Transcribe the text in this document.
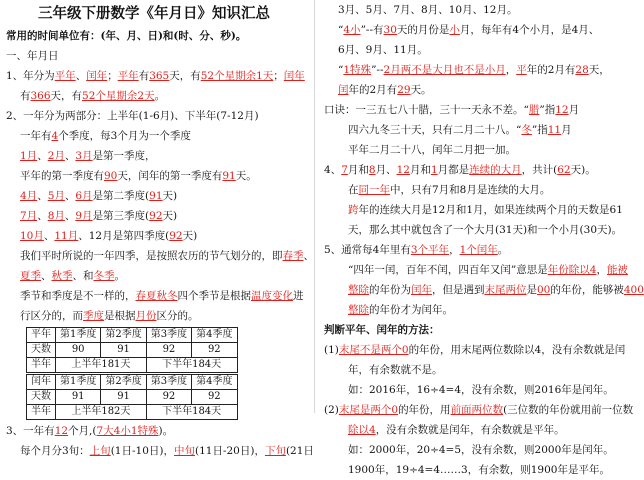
三年级下册数学《年月日》知识汇总
常用的时间单位有：(年、月、日)和(时、分、秒)。
一、年月日
1、年分为平年、闰年；平年有365天，有52个星期余1天；闰年
有366天，有52个星期余2天。
2、一年分为两部分：上半年(1-6月)、下半年(7-12月)
一年有4个季度，每3个月为一个季度
1月、2月、3月是第一季度，
平年的第一季度有90天，闰年的第一季度有91天。
4月、5月、6月是第二季度(91天)
7月、8月、9月是第三季度(92天)
10月、11月、12月是第四季度(92天)
我们平时所说的一年四季，是按照农历的节气划分的，即春季、
夏季、秋季、和冬季。
季节和季度是不一样的，春夏秋冬四个季节是根据温度变化进
行区分的，而季度是根据月份区分的。
平年	第1季度	第2季度	第3季度	第4季度
天数	90	91	92	92
半年	上半年181天		下半年184天	
闰年	第1季度	第2季度	第3季度	第4季度
天数	91	91	92	92
半年	上半年182天		下半年184天	
3、一年有12个月,(7大4小1特殊)。
每个月分3旬：上旬(1日-10日)，中旬(11日-20日)，下旬(21日
3月、5月、7月、8月、10月、12月。
“4小”--有30天的月份是小月，每年有4个小月，是4月、
6月、9月、11月。
“1特殊”--2月两不是大月也不是小月，平年的2月有28天，
闰年的2月有29天。
口诀：一三五七八十腊，三十一天永不差。“腊”指12月
四六九冬三十天，只有二月二十八。“冬”指11月
平年二月二十八，闰年二月把一加。
4、7月和8月、12月和1月都是连续的大月，共计(62天)。
在同一年中，只有7月和8月是连续的大月。
跨年的连续大月是12月和1月，如果连续两个月的天数是61
天，那么其中就包含了一个大月(31天)和一个小月(30天)。
5、通常每4年里有3个平年，1个闰年。
“四年一闰，百年不闰，四百年又闰”意思是年份除以4，能被
整除的年份为闰年，但是遇到末尾两位是00的年份，能够被400
整除的年份才为闰年。
判断平年、闰年的方法：
(1)末尾不是两个0的年份，用末尾两位数除以4，没有余数就是闰
年，有余数就不是。
如：2016年，16÷4=4，没有余数，则2016年是闰年。
(2)末尾是两个0的年份，用前面两位数(三位数的年份就用前一位数
除以4，没有余数就是闰年，有余数就是平年。
如：2000年，20÷4=5，没有余数，则2000年是闰年。
1900年，19÷4=4……3，有余数，则1900年是平年。
